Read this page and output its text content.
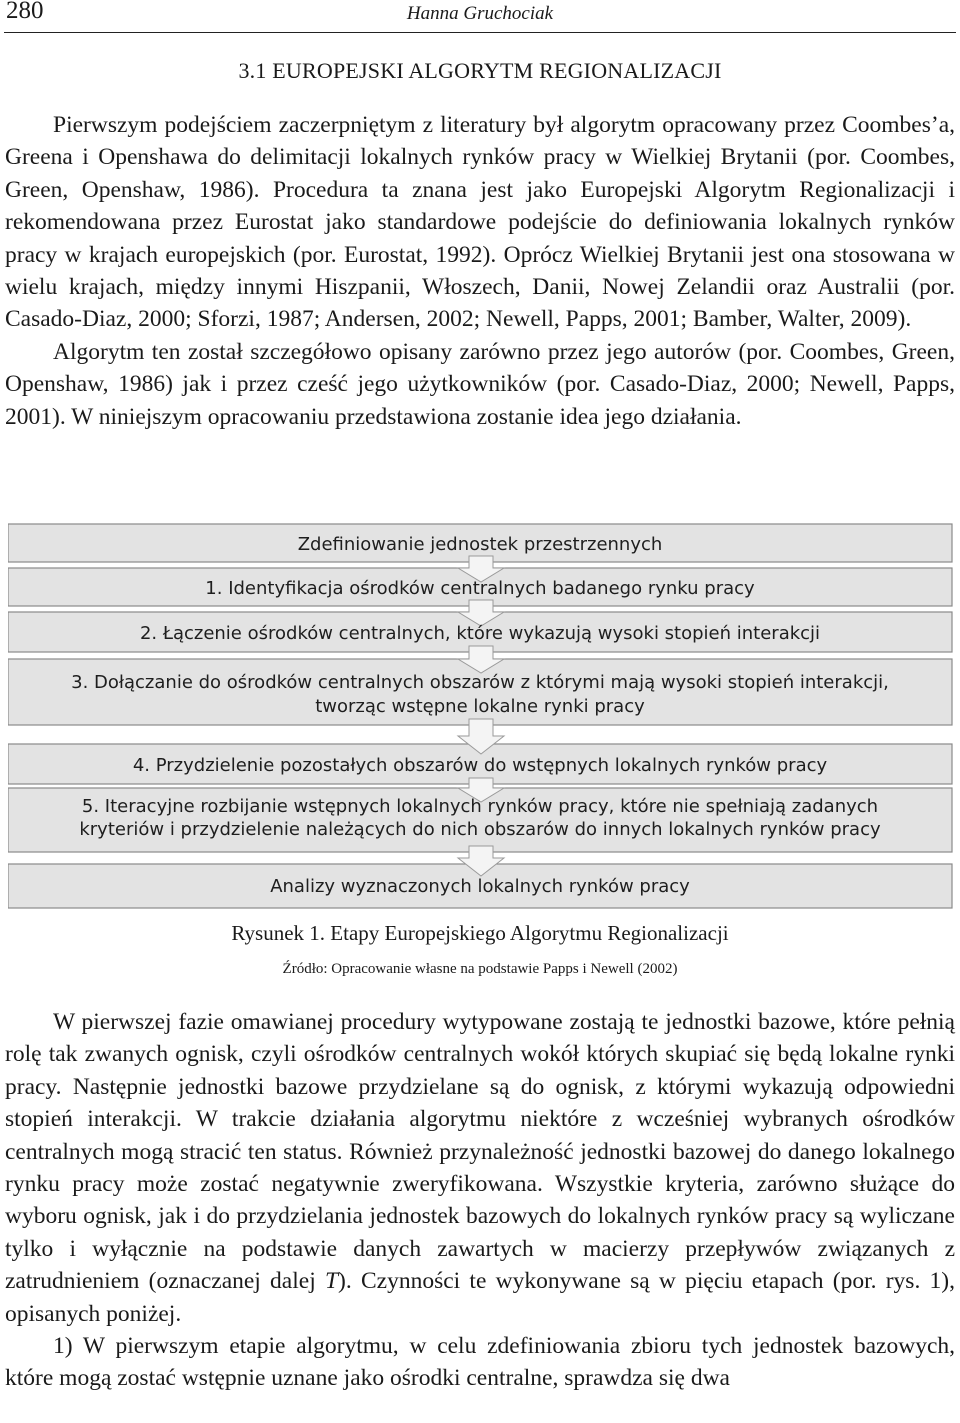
280	Hanna Gruchociak
3.1 EUROPEJSKI ALGORYTM REGIONALIZACJI

Pierwszym podejściem zaczerpniętym z literatury był algorytm opracowany przez Coombes’a, Greena i Openshawa do delimitacji lokalnych rynków pracy w Wielkiej Brytanii (por. Coombes, Green, Openshaw, 1986). Procedura ta znana jest jako Europejski Algorytm Regionalizacji i rekomendowana przez Eurostat jako standardowe podejście do definiowania lokalnych rynków pracy w krajach europejskich (por. Eurostat, 1992). Oprócz Wielkiej Brytanii jest ona stosowana w wielu krajach, między innymi Hiszpanii, Włoszech, Danii, Nowej Zelandii oraz Australii (por. Casado-Diaz, 2000; Sforzi, 1987; Andersen, 2002; Newell, Papps, 2001; Bamber, Walter, 2009).

Algorytm ten został szczegółowo opisany zarówno przez jego autorów (por. Coombes, Green, Openshaw, 1986) jak i przez cześć jego użytkowników (por. Casado-Diaz, 2000; Newell, Papps, 2001). W niniejszym opracowaniu przedstawiona zostanie idea jego działania.

Zdefiniowanie jednostek przestrzennych
1. Identyfikacja ośrodków centralnych badanego rynku pracy
2. Łączenie ośrodków centralnych, które wykazują wysoki stopień interakcji
3. Dołączanie do ośrodków centralnych obszarów z którymi mają wysoki stopień interakcji,
tworząc wstępne lokalne rynki pracy
4. Przydzielenie pozostałych obszarów do wstępnych lokalnych rynków pracy
5. Iteracyjne rozbijanie wstępnych lokalnych rynków pracy, które nie spełniają zadanych
kryteriów i przydzielenie należących do nich obszarów do innych lokalnych rynków pracy
Analizy wyznaczonych lokalnych rynków pracy
Rysunek 1. Etapy Europejskiego Algorytmu Regionalizacji
Źródło: Opracowanie własne na podstawie Papps i Newell (2002)

W pierwszej fazie omawianej procedury wytypowane zostają te jednostki bazowe, które pełnią rolę tak zwanych ognisk, czyli ośrodków centralnych wokół których skupiać się będą lokalne rynki pracy. Następnie jednostki bazowe przydzielane są do ognisk, z którymi wykazują odpowiedni stopień interakcji. W trakcie działania algorytmu niektóre z wcześniej wybranych ośrodków centralnych mogą stracić ten status. Również przynależność jednostki bazowej do danego lokalnego rynku pracy może zostać negatywnie zweryfikowana. Wszystkie kryteria, zarówno służące do wyboru ognisk, jak i do przydzielania jednostek bazowych do lokalnych rynków pracy są wyliczane tylko i wyłącznie na podstawie danych zawartych w macierzy przepływów związanych z zatrudnieniem (oznaczanej dalej T). Czynności te wykonywane są w pięciu etapach (por. rys. 1), opisanych poniżej.

1) W pierwszym etapie algorytmu, w celu zdefiniowania zbioru tych jednostek bazowych, które mogą zostać wstępnie uznane jako ośrodki centralne, sprawdza się dwa
